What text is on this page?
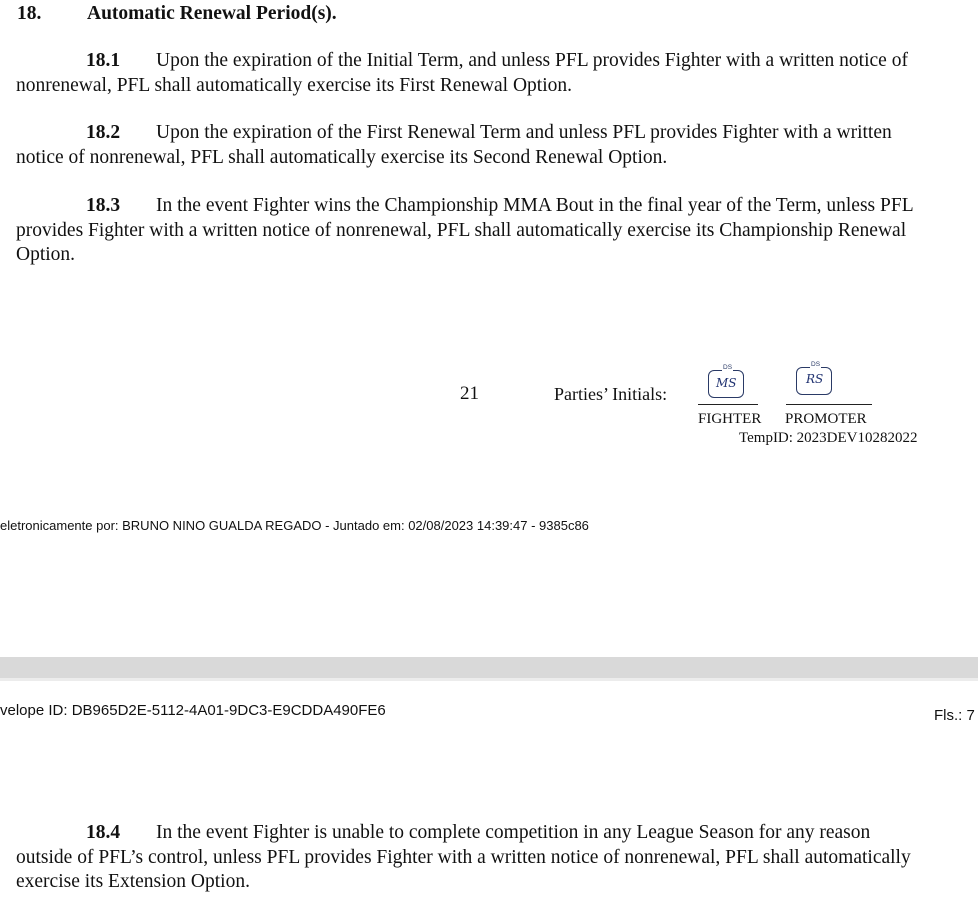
18. Automatic Renewal Period(s).

18.1 Upon the expiration of the Initial Term, and unless PFL provides Fighter with a written notice of nonrenewal, PFL shall automatically exercise its First Renewal Option.

18.2 Upon the expiration of the First Renewal Term and unless PFL provides Fighter with a written notice of nonrenewal, PFL shall automatically exercise its Second Renewal Option.

18.3 In the event Fighter wins the Championship MMA Bout in the final year of the Term, unless PFL provides Fighter with a written notice of nonrenewal, PFL shall automatically exercise its Championship Renewal Option.

21	Parties’ Initials:
DS
MS
FIGHTER
DS
RS
PROMOTER
TempID: 2023DEV10282022
eletronicamente por: BRUNO NINO GUALDA REGADO - Juntado em: 02/08/2023 14:39:47 - 9385c86
velope ID: DB965D2E-5112-4A01-9DC3-E9CDDA490FE6	Fls.: 7

18.4 In the event Fighter is unable to complete competition in any League Season for any reason outside of PFL’s control, unless PFL provides Fighter with a written notice of nonrenewal, PFL shall automatically exercise its Extension Option.
